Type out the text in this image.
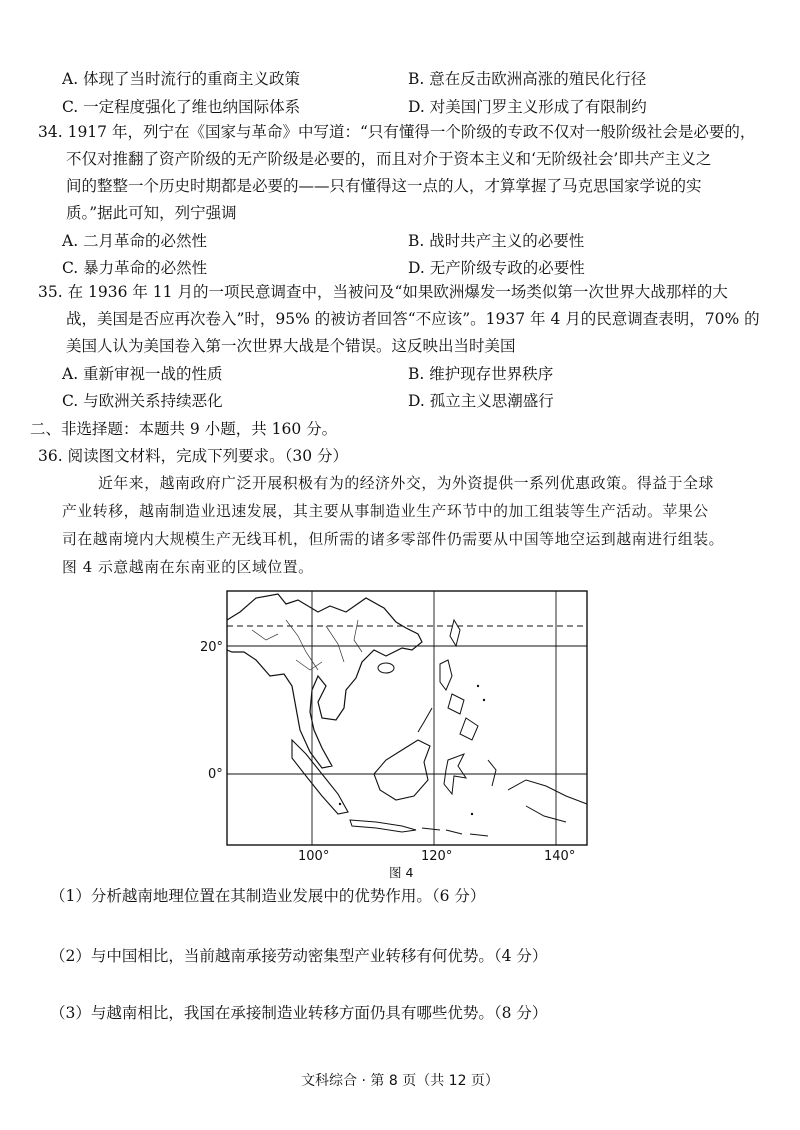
A. 体现了当时流行的重商主义政策	B. 意在反击欧洲高涨的殖民化行径
C. 一定程度强化了维也纳国际体系	D. 对美国门罗主义形成了有限制约
34. 1917 年，列宁在《国家与革命》中写道：“只有懂得一个阶级的专政不仅对一般阶级社会是必要的，
不仅对推翻了资产阶级的无产阶级是必要的，而且对介于资本主义和‘无阶级社会’即共产主义之
间的整整一个历史时期都是必要的——只有懂得这一点的人，才算掌握了马克思国家学说的实
质。”据此可知，列宁强调
A. 二月革命的必然性	B. 战时共产主义的必要性
C. 暴力革命的必然性	D. 无产阶级专政的必要性
35. 在 1936 年 11 月的一项民意调查中，当被问及“如果欧洲爆发一场类似第一次世界大战那样的大
战，美国是否应再次卷入”时，95% 的被访者回答“不应该”。1937 年 4 月的民意调查表明，70% 的
美国人认为美国卷入第一次世界大战是个错误。这反映出当时美国
A. 重新审视一战的性质	B. 维护现存世界秩序
C. 与欧洲关系持续恶化	D. 孤立主义思潮盛行
二、非选择题：本题共 9 小题，共 160 分。
36. 阅读图文材料，完成下列要求。（30 分）
近年来，越南政府广泛开展积极有为的经济外交，为外资提供一系列优惠政策。得益于全球
产业转移，越南制造业迅速发展，其主要从事制造业生产环节中的加工组装等生产活动。苹果公
司在越南境内大规模生产无线耳机，但所需的诸多零部件仍需要从中国等地空运到越南进行组装。
图 4 示意越南在东南亚的区域位置。
20°
0°
100°	120°	140°
图 4
（1）分析越南地理位置在其制造业发展中的优势作用。（6 分）
（2）与中国相比，当前越南承接劳动密集型产业转移有何优势。（4 分）
（3）与越南相比，我国在承接制造业转移方面仍具有哪些优势。（8 分）
文科综合 · 第 8 页（共 12 页）
